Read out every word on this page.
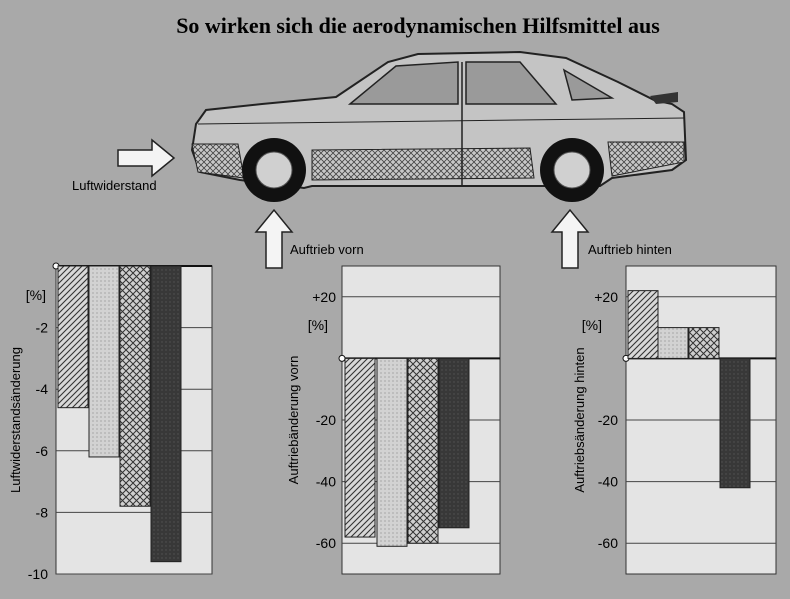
So wirken sich die aerodynamischen Hilfsmittel aus
Luftwiderstand
Auftrieb vorn	Auftrieb hinten
-2
-4
-6
-8
-10
[%]
Luftwiderstandsänderung
+20
-20
-40
-60
[%]
Auftriebänderung vorn
+20
-20
-40
-60
[%]
Auftriebsänderung hinten
